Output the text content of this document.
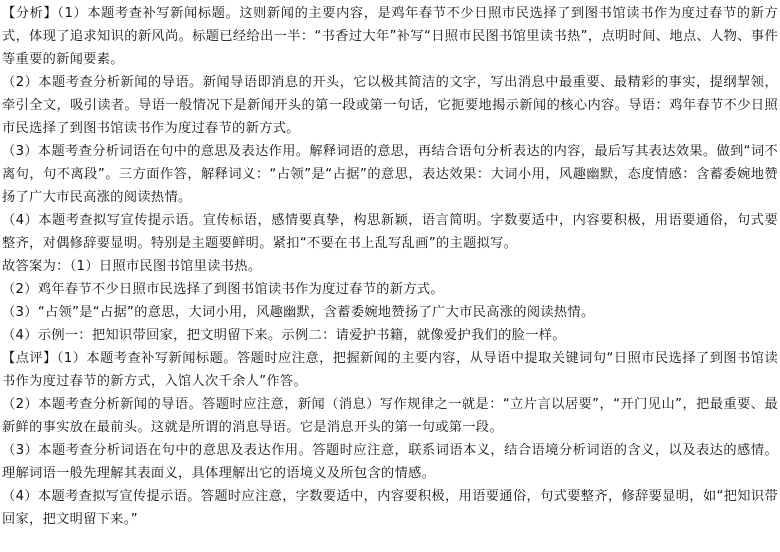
【分析】（1）本题考查补写新闻标题。这则新闻的主要内容，是鸡年春节不少日照市民选择了到图书馆读书作为度过春节的新方式，体现了追求知识的新风尚。标题已经给出一半：“书香过大年”补写“日照市民图书馆里读书热”，点明时间、地点、人物、事件等重要的新闻要素。

（2）本题考查分析新闻的导语。新闻导语即消息的开头，它以极其简洁的文字，写出消息中最重要、最精彩的事实，提纲挈领，牵引全文，吸引读者。导语一般情况下是新闻开头的第一段或第一句话，它扼要地揭示新闻的核心内容。导语：鸡年春节不少日照市民选择了到图书馆读书作为度过春节的新方式。

（3）本题考查分析词语在句中的意思及表达作用。解释词语的意思，再结合语句分析表达的内容，最后写其表达效果。做到“词不离句，句不离段”。三方面作答，解释词义：“占领”是“占据”的意思，表达效果：大词小用，风趣幽默，态度情感：含蓄委婉地赞扬了广大市民高涨的阅读热情。

（4）本题考查拟写宣传提示语。宣传标语，感情要真挚，构思新颖，语言简明。字数要适中，内容要积极，用语要通俗，句式要整齐，对偶修辞要显明。特别是主题要鲜明。紧扣“不要在书上乱写乱画”的主题拟写。

故答案为：（1）日照市民图书馆里读书热。

（2）鸡年春节不少日照市民选择了到图书馆读书作为度过春节的新方式。

（3）“占领”是“占据”的意思，大词小用，风趣幽默，含蓄委婉地赞扬了广大市民高涨的阅读热情。

（4）示例一：把知识带回家，把文明留下来。示例二：请爱护书籍，就像爱护我们的脸一样。

【点评】（1）本题考查补写新闻标题。答题时应注意，把握新闻的主要内容，从导语中提取关键词句“日照市民选择了到图书馆读书作为度过春节的新方式，入馆人次千余人”作答。

（2）本题考查分析新闻的导语。答题时应注意，新闻（消息）写作规律之一就是：“立片言以居要”，“开门见山”，把最重要、最新鲜的事实放在最前头。这就是所谓的消息导语。它是消息开头的第一句或第一段。

（3）本题考查分析词语在句中的意思及表达作用。答题时应注意，联系词语本义，结合语境分析词语的含义，以及表达的感情。理解词语一般先理解其表面义，具体理解出它的语境义及所包含的情感。

（4）本题考查拟写宣传提示语。答题时应注意，字数要适中，内容要积极，用语要通俗，句式要整齐，修辞要显明，如“把知识带回家，把文明留下来。”
